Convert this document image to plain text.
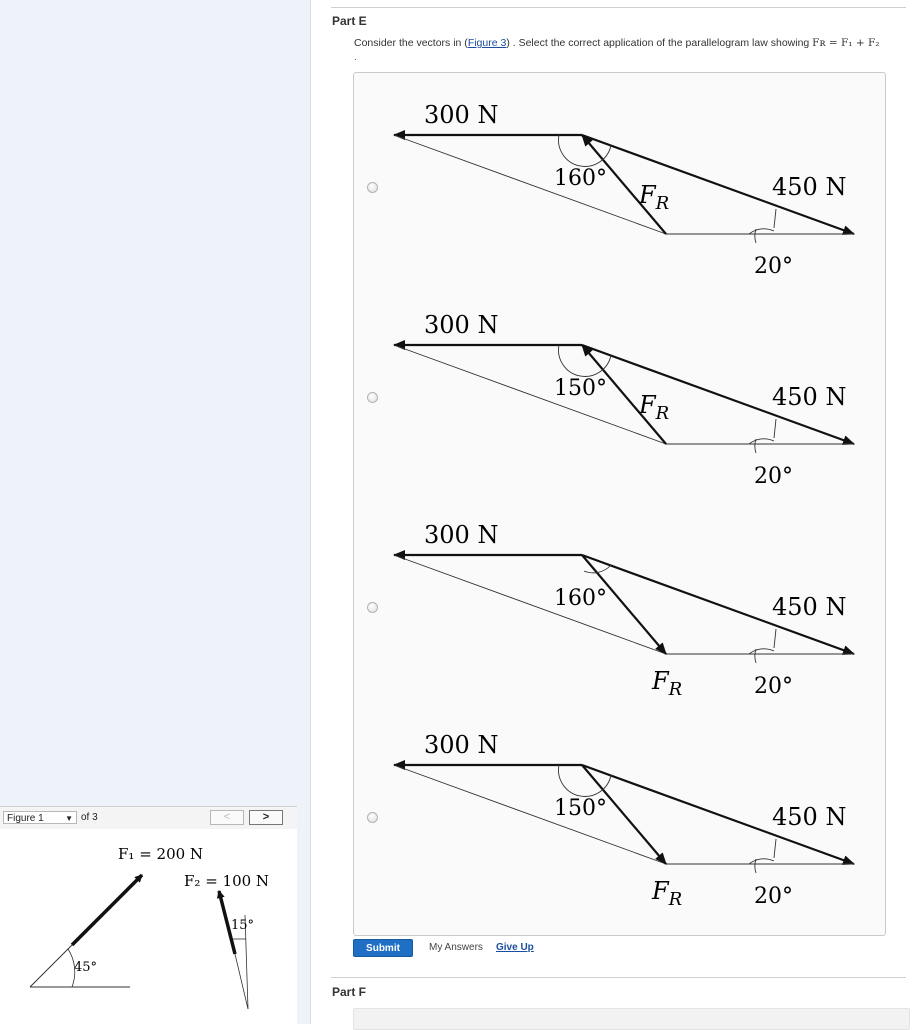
Figure 1	▼ of 3	<	>
45°
F₁ = 200 N
15°
F₂ = 100 N
Part E
Consider the vectors in (Figure 3) . Select the correct application of the parallelogram law showing Fʀ = F₁ + F₂
.
300 N
450 N
160°
20°
$F_R$
300 N
450 N
150°
20°
$F_R$
300 N
450 N
160°
20°
$F_R$
300 N
450 N
150°
20°
$F_R$
Submit	My Answers Give Up
Part F
